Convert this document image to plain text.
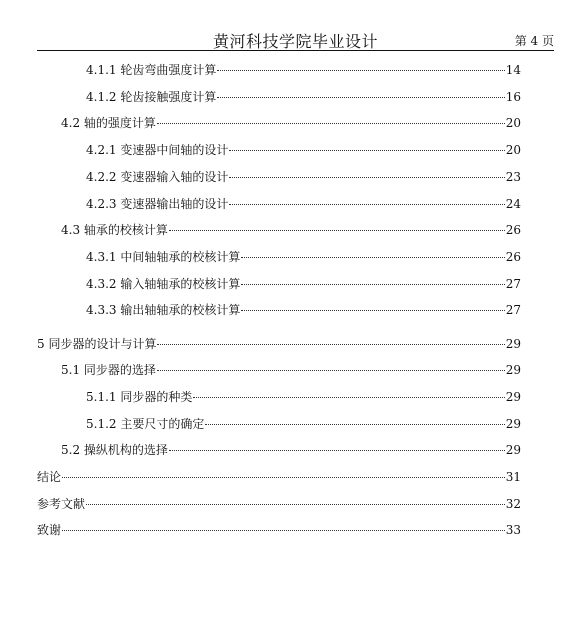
黄河科技学院毕业设计	第 4 页
4.1.1 轮齿弯曲强度计算	14
4.1.2 轮齿接触强度计算	16
4.2 轴的强度计算	20
4.2.1 变速器中间轴的设计	20
4.2.2 变速器输入轴的设计	23
4.2.3 变速器输出轴的设计	24
4.3 轴承的校核计算	26
4.3.1 中间轴轴承的校核计算	26
4.3.2 输入轴轴承的校核计算	27
4.3.3 输出轴轴承的校核计算	27
5 同步器的设计与计算	29
5.1 同步器的选择	29
5.1.1 同步器的种类	29
5.1.2 主要尺寸的确定	29
5.2 操纵机构的选择	29
结论	31
参考文献	32
致谢	33
